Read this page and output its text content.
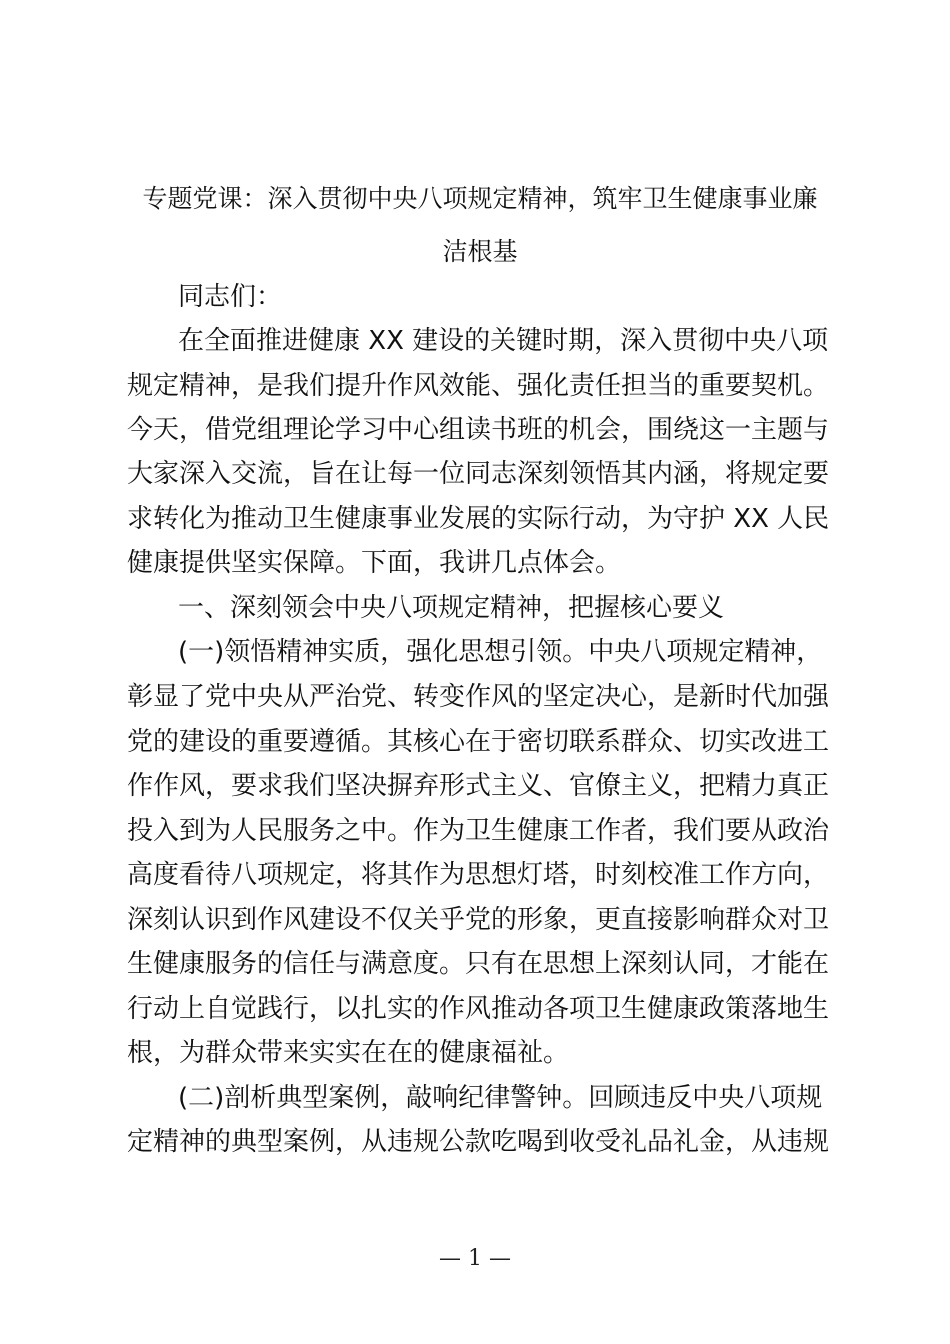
专题党课：深入贯彻中央八项规定精神，筑牢卫生健康事业廉
洁根基
同志们：
在全面推进健康 XX 建设的关键时期，深入贯彻中央八项
规定精神，是我们提升作风效能、强化责任担当的重要契机。
今天，借党组理论学习中心组读书班的机会，围绕这一主题与
大家深入交流，旨在让每一位同志深刻领悟其内涵，将规定要
求转化为推动卫生健康事业发展的实际行动，为守护 XX 人民
健康提供坚实保障。下面，我讲几点体会。
一、深刻领会中央八项规定精神，把握核心要义
(一)领悟精神实质，强化思想引领。中央八项规定精神，
彰显了党中央从严治党、转变作风的坚定决心，是新时代加强
党的建设的重要遵循。其核心在于密切联系群众、切实改进工
作作风，要求我们坚决摒弃形式主义、官僚主义，把精力真正
投入到为人民服务之中。作为卫生健康工作者，我们要从政治
高度看待八项规定，将其作为思想灯塔，时刻校准工作方向，
深刻认识到作风建设不仅关乎党的形象，更直接影响群众对卫
生健康服务的信任与满意度。只有在思想上深刻认同，才能在
行动上自觉践行，以扎实的作风推动各项卫生健康政策落地生
根，为群众带来实实在在的健康福祉。
(二)剖析典型案例，敲响纪律警钟。回顾违反中央八项规
定精神的典型案例，从违规公款吃喝到收受礼品礼金，从违规
— 1 —
